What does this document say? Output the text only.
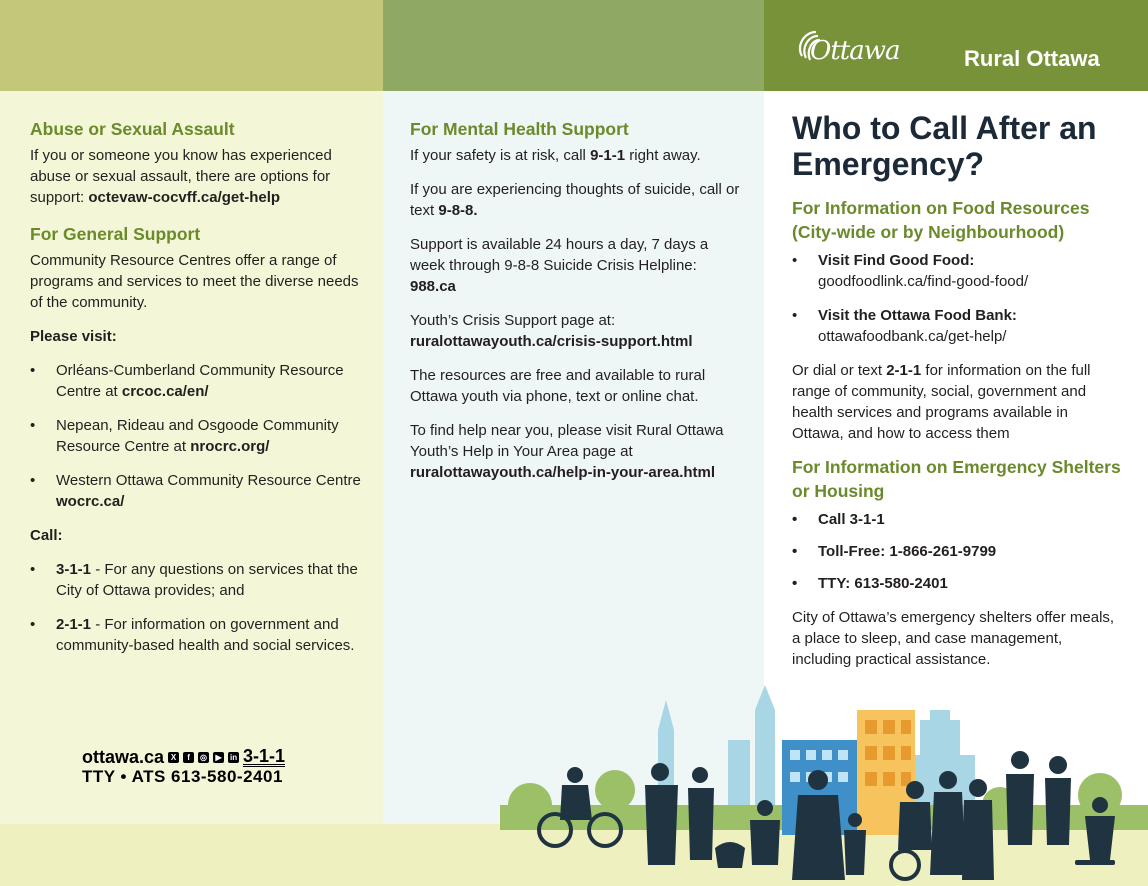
Ottawa	Rural Ottawa
Abuse or Sexual Assault

If you or someone you know has experienced abuse or sexual assault, there are options for support: octevaw-cocvff.ca/get-help

For General Support

Community Resource Centres offer a range of programs and services to meet the diverse needs of the community.

Please visit:

• Orléans-Cumberland Community Resource Centre at crcoc.ca/en/
• Nepean, Rideau and Osgoode Community Resource Centre at nrocrc.org/
• Western Ottawa Community Resource Centre wocrc.ca/

Call:

• 3-1-1 - For any questions on services that the City of Ottawa provides; and
• 2-1-1 - For information on government and community-based health and social services.
ottawa.ca X	f	◎	▶	in 3-1-1
TTY • ATS 613-580-2401
For Mental Health Support

If your safety is at risk, call 9-1-1 right away.

If you are experiencing thoughts of suicide, call or text 9-8-8.

Support is available 24 hours a day, 7 days a week through 9-8-8 Suicide Crisis Helpline: 988.ca

Youth’s Crisis Support page at: ruralottawayouth.ca/crisis-support.html

The resources are free and available to rural Ottawa youth via phone, text or online chat.

To find help near you, please visit Rural Ottawa Youth’s Help in Your Area page at ruralottawayouth.ca/help-in-your-area.html

Who to Call After an Emergency?
For Information on Food Resources (City-wide or by Neighbourhood)
• Visit Find Good Food:
goodfoodlink.ca/find-good-food/
• Visit the Ottawa Food Bank:
ottawafoodbank.ca/get-help/

Or dial or text 2-1-1 for information on the full range of community, social, government and health services and programs available in Ottawa, and how to access them

For Information on Emergency Shelters or Housing
• Call 3-1-1
• Toll-Free: 1-866-261-9799
• TTY: 613-580-2401

City of Ottawa’s emergency shelters offer meals, a place to sleep, and case management, including practical assistance.
